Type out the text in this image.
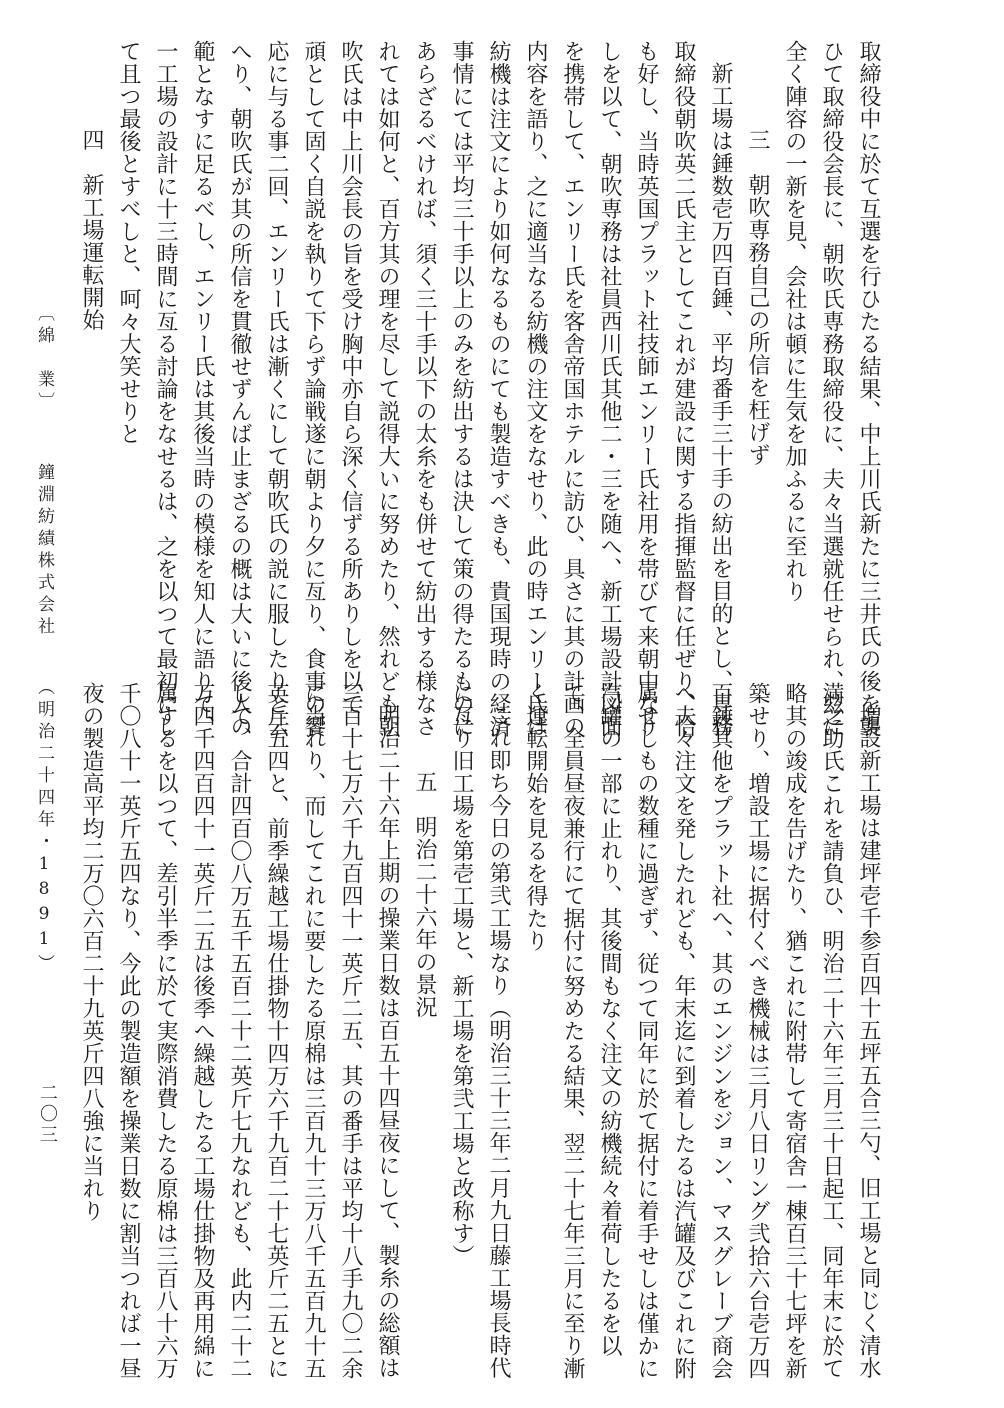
取締役中に於て互選を行ひたる結果、中上川氏新たに三井氏の後を襲
ひて取締役会長に、朝吹氏専務取締役に、夫々当選就任せられ、玆に
全く陣容の一新を見、会社は頓に生気を加ふるに至れり
　三　朝吹専務自己の所信を枉げず
新工場は錘数壱万四百錘、平均番手三十手の紡出を目的とし、専務
取締役朝吹英二氏主としてこれが建設に関する指揮監督に任ぜり、恰
も好し、当時英国プラット社技師エンリー氏社用を帯びて来朝中なり
しを以て、朝吹専務は社員西川氏其他二・三を随へ、新工場設計図面
を携帯して、エンリー氏を客舎帝国ホテルに訪ひ、具さに其の計画の
内容を語り、之に適当なる紡機の注文をなせり、此の時エンリー氏は
紡機は注文により如何なるものにても製造すべきも、貴国現時の経済
事情にては平均三十手以上のみを紡出するは決して策の得たるものに
あらざるべければ、須く三十手以下の太糸をも併せて紡出する様なさ
れては如何と、百方其の理を尽して説得大いに努めたり、然れども朝
吹氏は中上川会長の旨を受け胸中亦自ら深く信ずる所ありしを以て
頑として固く自説を執りて下らず論戦遂に朝より夕に亙り、食事の饗
応に与る事二回、エンリー氏は漸くにして朝吹氏の説に服したりと云
へり、朝吹氏が其の所信を貫徹せずんば止まざるの概は大いに後人の
範となすに足るべし、エンリー氏は其後当時の模様を知人に語りて、
一工場の設計に十三時間に亙る討論をなせるは、之を以つて最初にし
て且つ最後とすべしと、呵々大笑せりと
　四　新工場運転開始
増設新工場は建坪壱千参百四十五坪五合三勺、旧工場と同じく清水
満之助氏これを請負ひ、明治二十六年三月三十日起工、同年末に於て
略其の竣成を告げたり、猶これに附帯して寄宿舎一棟百三十七坪を新
築せり、増設工場に据付くべき機械は三月八日リング弐拾六台壱万四
百錘其他をプラット社へ、其のエンジンをジョン、マスグレーブ商会
へ夫々注文を発したれども、年末迄に到着したるは汽罐及びこれに附
属せしもの数種に過ぎず、従つて同年に於て据付に着手せしは僅かに
汽罐の一部に止れり、其後間もなく注文の紡機続々着荷したるを以
て、全員昼夜兼行にて据付に努めたる結果、翌二十七年三月に至り漸
く運転開始を見るを得たり
これ即ち今日の第弐工場なり（明治三十三年二月九日藤工場長時代
に亙り旧工場を第壱工場と、新工場を第弐工場と改称す）
　五　明治二十六年の景況
明治二十六年上期の操業日数は百五十四昼夜にして、製糸の総額は
三百十七万六千九百四十一英斤二五、其の番手は平均十八手九〇二余
に当れり、而してこれに要したる原棉は三百九十三万八千五百九十五
英斤五四と、前季繰越工場仕掛物十四万六千九百二十七英斤二五とに
して、合計四百〇八万五千五百二十二英斤七九なれども、此内二十二
万四千四百四十一英斤二五は後季へ繰越したる工場仕掛物及再用綿に
属するを以つて、差引半季に於て実際消費したる原棉は三百八十六万
千〇八十一英斤五四なり、今此の製造額を操業日数に割当つれば一昼
夜の製造高平均二万〇六百二十九英斤四八強に当れり
〔綿　業〕 鐘淵紡績株式会社 （明治二十四年・1891）
二〇三
